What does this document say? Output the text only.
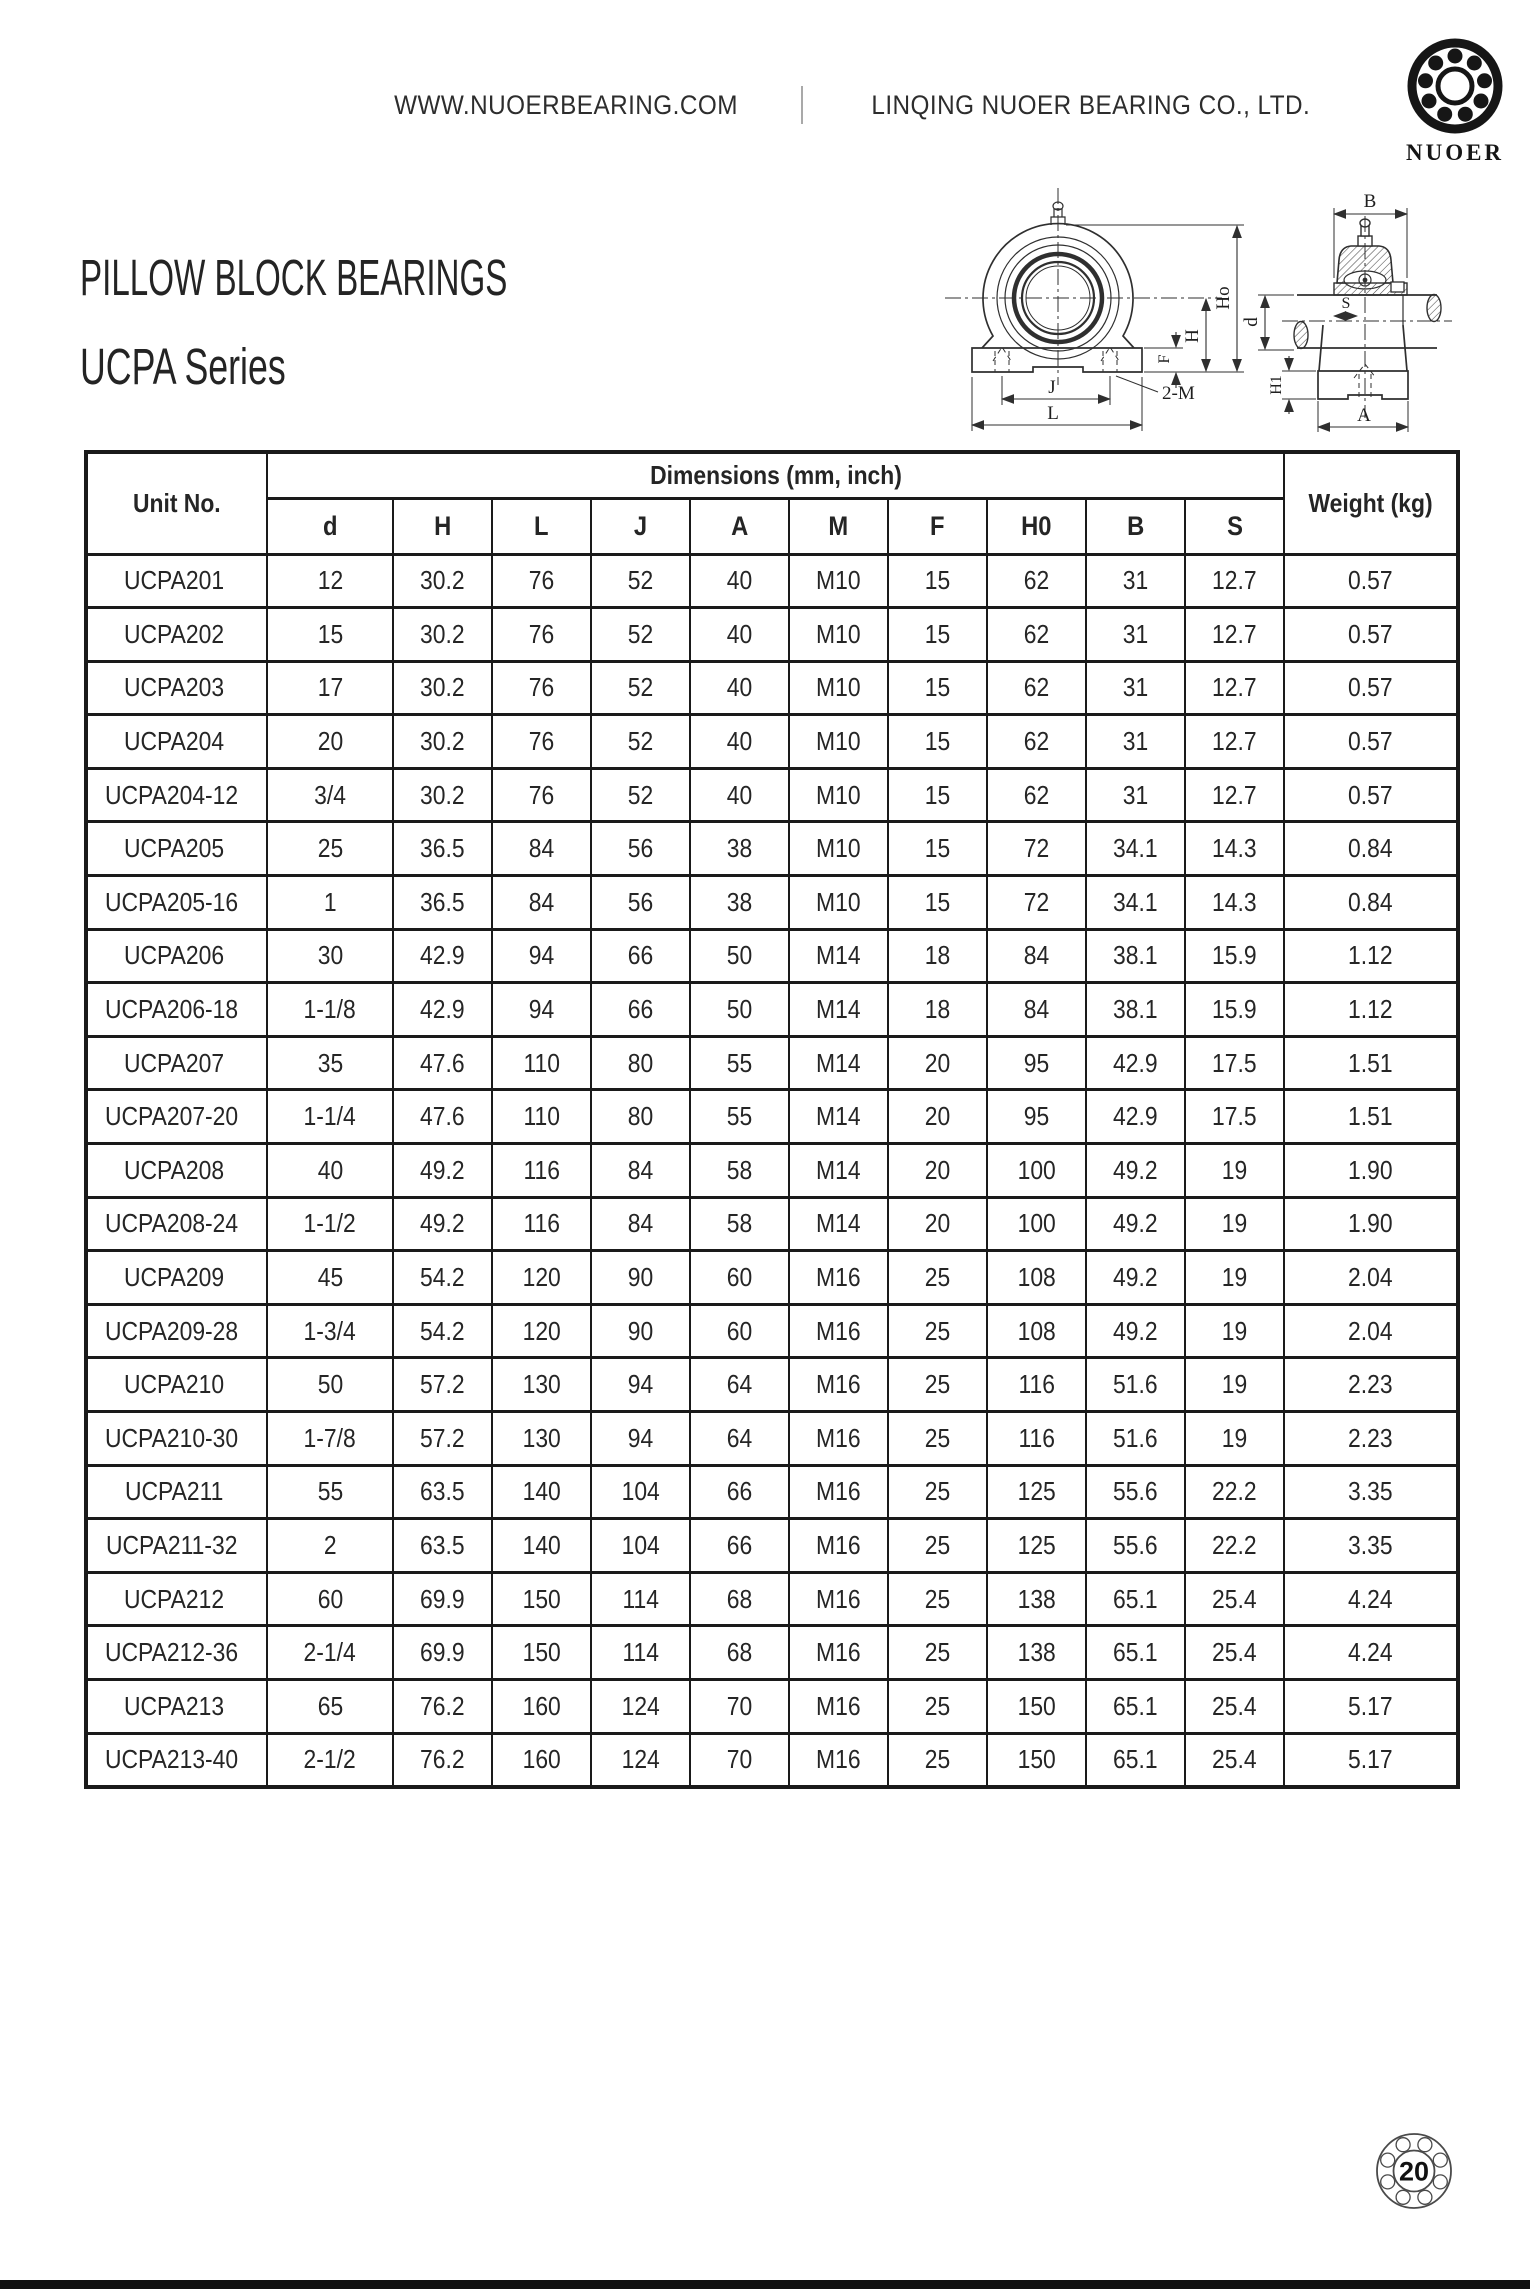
WWW.NUOERBEARING.COM	LINQING NUOER BEARING CO., LTD.
NUOER
PILLOW BLOCK BEARINGS
UCPA Series	J
L
2-M
F
H
Ho
B
S
d
H1
A
Unit No.	Dimensions (mm, inch)										Weight (kg)
	d	H	L	J	A	M	F	H0	B	S	
UCPA201	12	30.2	76	52	40	M10	15	62	31	12.7	0.57
UCPA202	15	30.2	76	52	40	M10	15	62	31	12.7	0.57
UCPA203	17	30.2	76	52	40	M10	15	62	31	12.7	0.57
UCPA204	20	30.2	76	52	40	M10	15	62	31	12.7	0.57
UCPA204-12	3/4	30.2	76	52	40	M10	15	62	31	12.7	0.57
UCPA205	25	36.5	84	56	38	M10	15	72	34.1	14.3	0.84
UCPA205-16	1	36.5	84	56	38	M10	15	72	34.1	14.3	0.84
UCPA206	30	42.9	94	66	50	M14	18	84	38.1	15.9	1.12
UCPA206-18	1-1/8	42.9	94	66	50	M14	18	84	38.1	15.9	1.12
UCPA207	35	47.6	110	80	55	M14	20	95	42.9	17.5	1.51
UCPA207-20	1-1/4	47.6	110	80	55	M14	20	95	42.9	17.5	1.51
UCPA208	40	49.2	116	84	58	M14	20	100	49.2	19	1.90
UCPA208-24	1-1/2	49.2	116	84	58	M14	20	100	49.2	19	1.90
UCPA209	45	54.2	120	90	60	M16	25	108	49.2	19	2.04
UCPA209-28	1-3/4	54.2	120	90	60	M16	25	108	49.2	19	2.04
UCPA210	50	57.2	130	94	64	M16	25	116	51.6	19	2.23
UCPA210-30	1-7/8	57.2	130	94	64	M16	25	116	51.6	19	2.23
UCPA211	55	63.5	140	104	66	M16	25	125	55.6	22.2	3.35
UCPA211-32	2	63.5	140	104	66	M16	25	125	55.6	22.2	3.35
UCPA212	60	69.9	150	114	68	M16	25	138	65.1	25.4	4.24
UCPA212-36	2-1/4	69.9	150	114	68	M16	25	138	65.1	25.4	4.24
UCPA213	65	76.2	160	124	70	M16	25	150	65.1	25.4	5.17
UCPA213-40	2-1/2	76.2	160	124	70	M16	25	150	65.1	25.4	5.17
20
